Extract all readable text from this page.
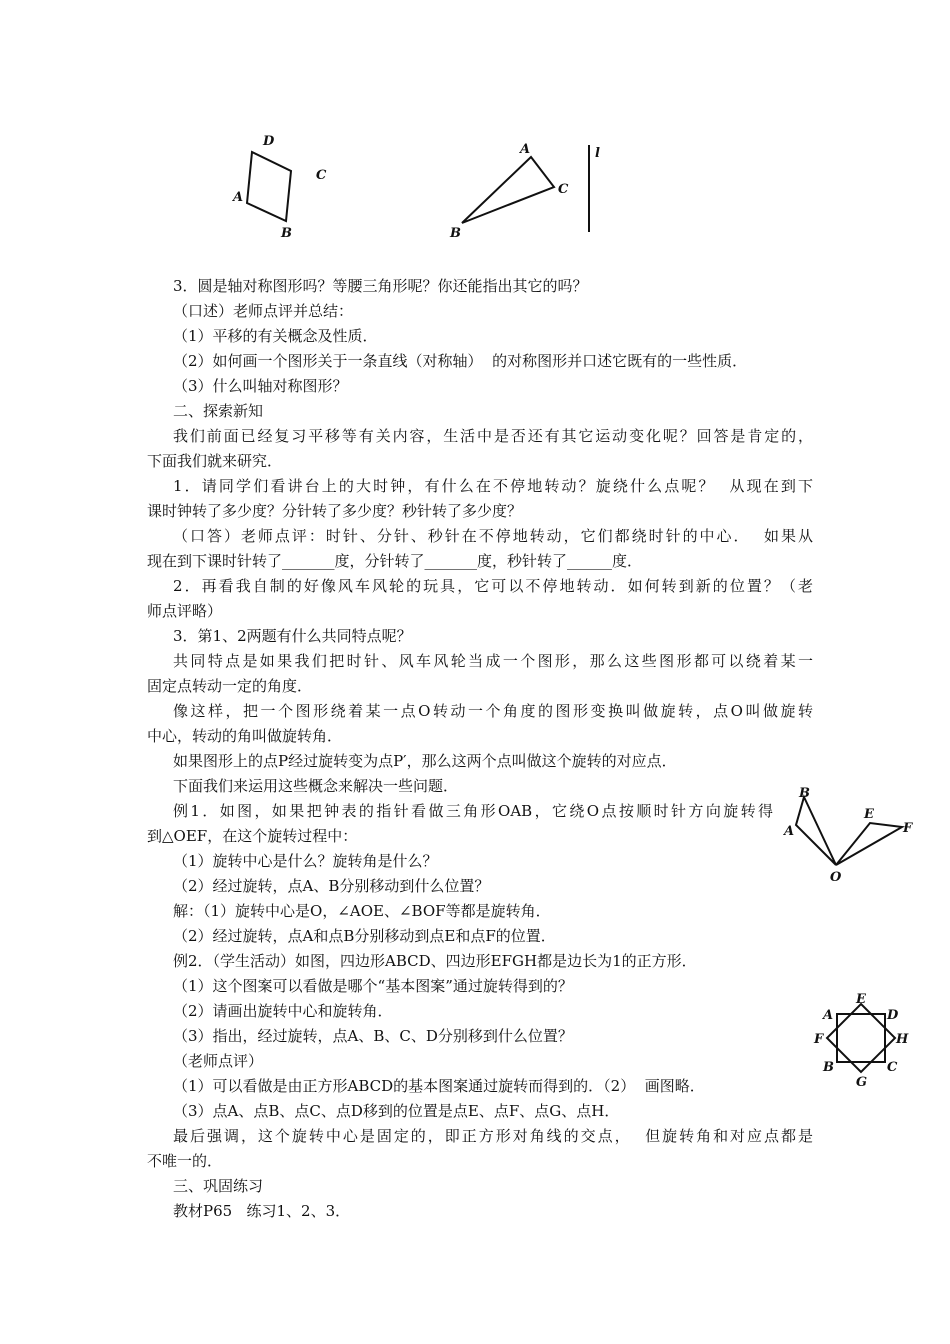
D
C
A
B
A
C
B
l
B
A
E
F
O
E
A	D
F	H
B
G
C
3．圆是轴对称图形吗？等腰三角形呢？你还能指出其它的吗？
（口述）老师点评并总结：
（1）平移的有关概念及性质．
（2）如何画一个图形关于一条直线（对称轴）  的对称图形并口述它既有的一些性质．
（3）什么叫轴对称图形？
二、探索新知
我们前面已经复习平移等有关内容，生活中是否还有其它运动变化呢？回答是肯定的，
下面我们就来研究．
1．请同学们看讲台上的大时钟，有什么在不停地转动？旋绕什么点呢？  从现在到下
课时钟转了多少度？分针转了多少度？秒针转了多少度？
（口答）老师点评：时针、分针、秒针在不停地转动，它们都绕时针的中心．  如果从
现在到下课时针转了_______度，分针转了_______度，秒针转了______度．
2．再看我自制的好像风车风轮的玩具，它可以不停地转动．如何转到新的位置？（老
师点评略）
3．第1、2两题有什么共同特点呢？
共同特点是如果我们把时针、风车风轮当成一个图形，那么这些图形都可以绕着某一
固定点转动一定的角度．
像这样，把一个图形绕着某一点O转动一个角度的图形变换叫做旋转，点O叫做旋转
中心，转动的角叫做旋转角．
如果图形上的点P经过旋转变为点P′，那么这两个点叫做这个旋转的对应点．
下面我们来运用这些概念来解决一些问题．
例1．如图，如果把钟表的指针看做三角形OAB，它绕O点按顺时针方向旋转得
到△OEF，在这个旋转过程中：
（1）旋转中心是什么？旋转角是什么？
（2）经过旋转，点A、B分别移动到什么位置？
解：（1）旋转中心是O，∠AOE、∠BOF等都是旋转角．
（2）经过旋转，点A和点B分别移动到点E和点F的位置．
例2．（学生活动）如图，四边形ABCD、四边形EFGH都是边长为1的正方形．
（1）这个图案可以看做是哪个“基本图案”通过旋转得到的？
（2）请画出旋转中心和旋转角．
（3）指出，经过旋转，点A、B、C、D分别移到什么位置？
（老师点评）
（1）可以看做是由正方形ABCD的基本图案通过旋转而得到的．（2）  画图略．
（3）点A、点B、点C、点D移到的位置是点E、点F、点G、点H．
最后强调，这个旋转中心是固定的，即正方形对角线的交点，  但旋转角和对应点都是
不唯一的．
三、巩固练习
教材P65   练习1、2、3．
